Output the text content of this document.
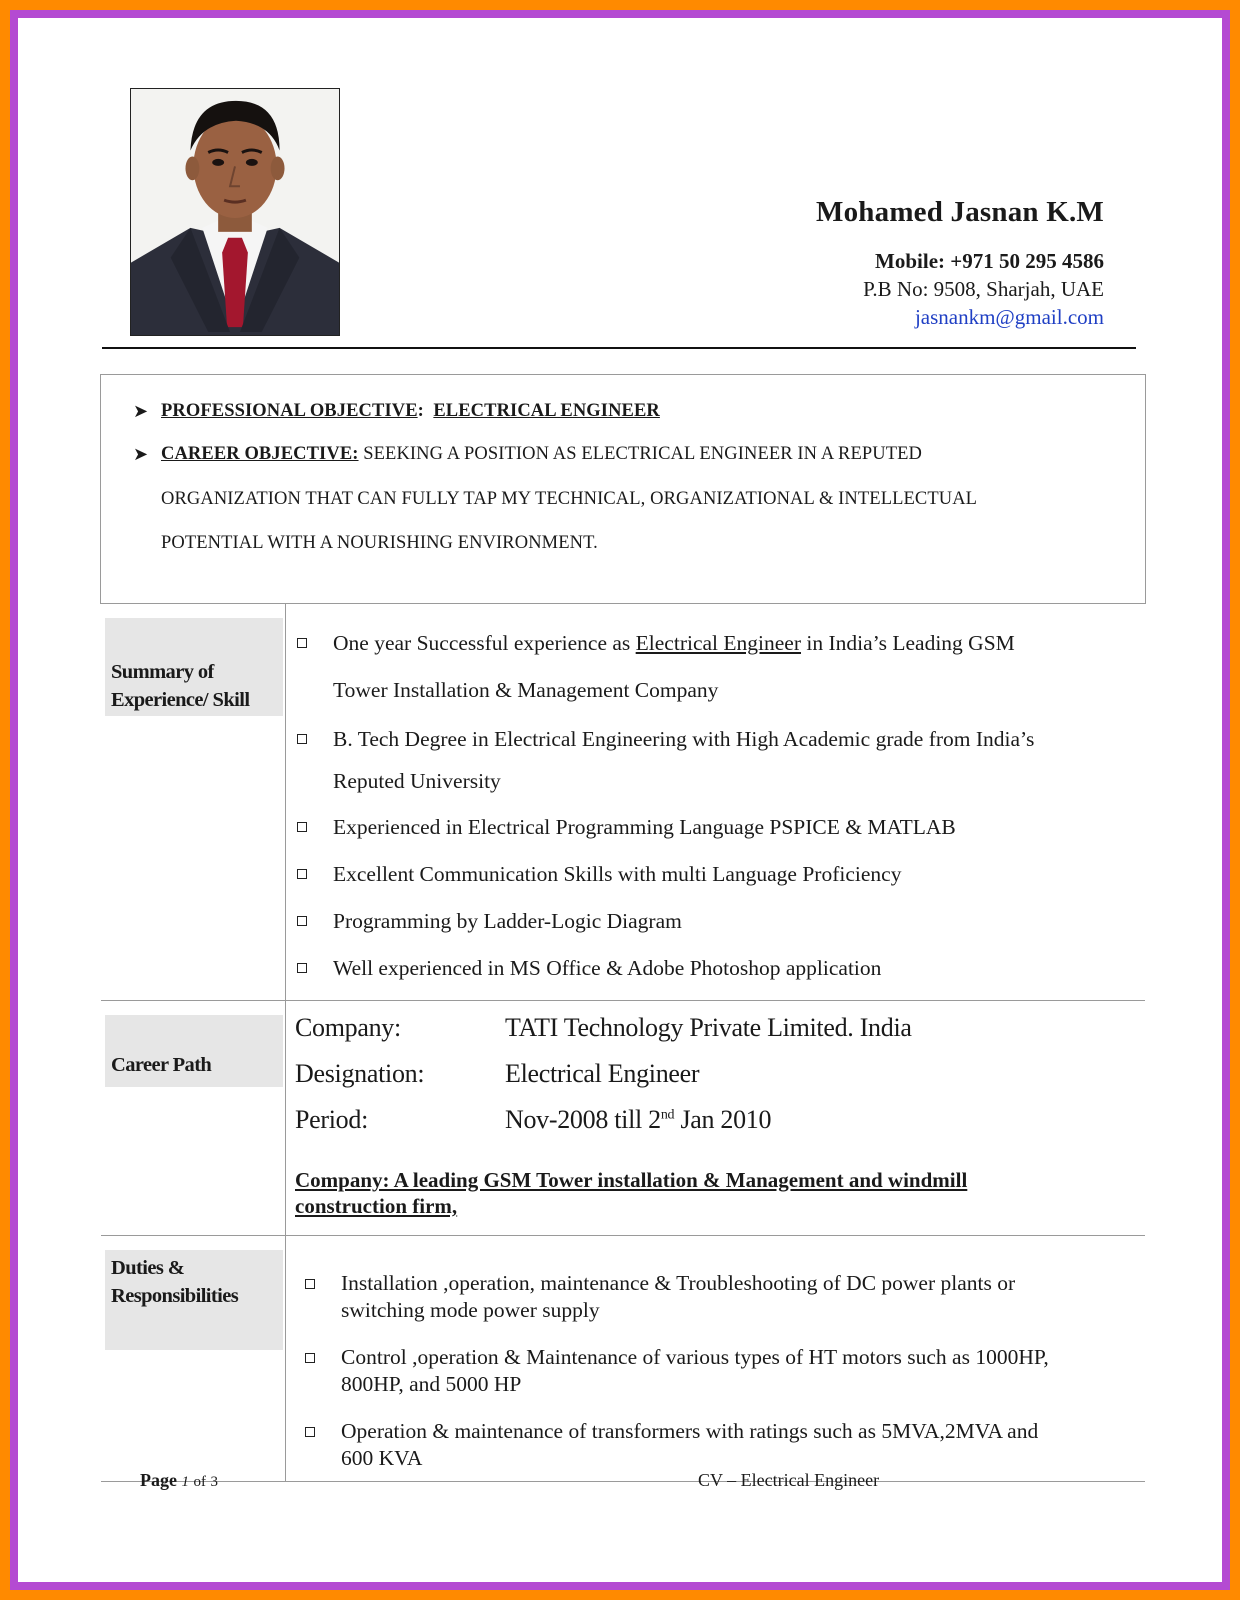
Mohamed Jasnan K.M
Mobile: +971 50 295 4586
P.B No: 9508, Sharjah, UAE
jasnankm@gmail.com
➤ PROFESSIONAL OBJECTIVE: ELECTRICAL ENGINEER
➤ CAREER OBJECTIVE: SEEKING A POSITION AS ELECTRICAL ENGINEER IN A REPUTED
ORGANIZATION THAT CAN FULLY TAP MY TECHNICAL, ORGANIZATIONAL & INTELLECTUAL
POTENTIAL WITH A NOURISHING ENVIRONMENT.
Summary of
Experience/ Skill
One year Successful experience as Electrical Engineer in India’s Leading GSM
Tower Installation & Management Company
B. Tech Degree in Electrical Engineering with High Academic grade from India’s
Reputed University
Experienced in Electrical Programming Language PSPICE & MATLAB
Excellent Communication Skills with multi Language Proficiency
Programming by Ladder-Logic Diagram
Well experienced in MS Office & Adobe Photoshop application
Career Path
Company:	TATI Technology Private Limited. India
Designation:	Electrical Engineer
Period:	Nov-2008 till 2nd Jan 2010
Company: A leading GSM Tower installation & Management and windmill
construction firm,
Duties &
Responsibilities
Installation ,operation, maintenance & Troubleshooting of DC power plants or
switching mode power supply
Control ,operation & Maintenance of various types of HT motors such as 1000HP,
800HP, and 5000 HP
Operation & maintenance of transformers with ratings such as 5MVA,2MVA and
600 KVA
Page 1 of 3	CV – Electrical Engineer
